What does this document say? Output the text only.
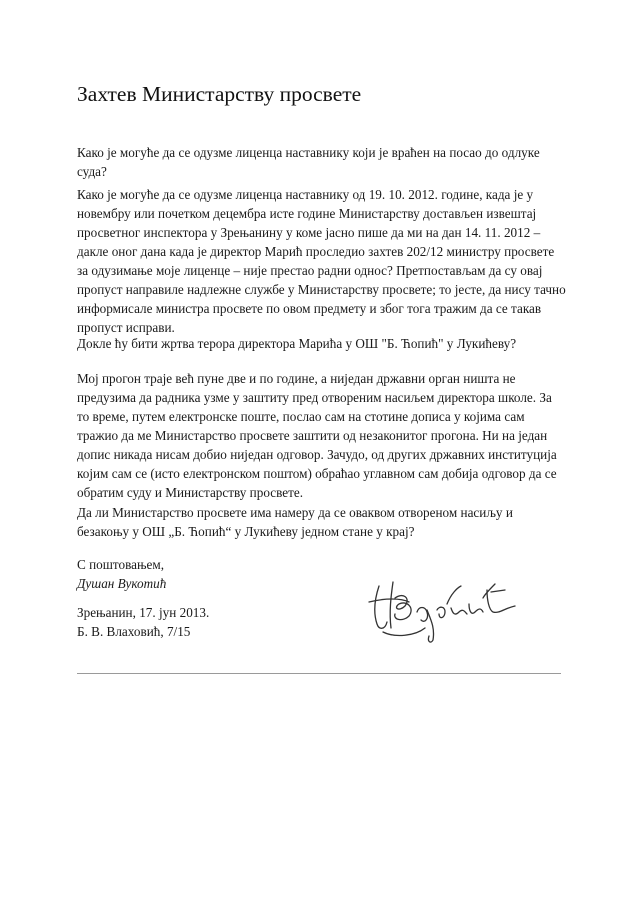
Захтев Министарству просвете

Како је могуће да се одузме лиценца наставнику који је враћен на посао до одлуке суда?

Како је могуће да се одузме лиценца наставнику од 19. 10. 2012. године, када је у новембру или почетком децембра исте године Министарству достављен извештај просветног инспектора у Зрењанину у коме јасно пише да ми на дан 14. 11. 2012 – дакле оног дана када је директор Марић проследио захтев 202/12 министру просвете за одузимање моје лиценце – није престао радни однос? Претпостављам да су овај пропуст направиле надлежне службе у Министарству просвете; то јесте, да нису тачно информисале министра просвете по овом предмету и због тога тражим да се такав пропуст исправи.

Докле ћу бити жртва терора директора Марића у ОШ "Б. Ћопић" у Лукићеву?

Мој прогон траје већ пуне две и по године, а ниједан државни орган ништа не предузима да радника узме у заштиту пред отвореним насиљем директора школе. За то време, путем електронске поште, послао сам на стотине дописа у којима сам тражио да ме Министарство просвете заштити од незаконитог прогона. Ни на један допис никада нисам добио ниједан одговор. Зачудо, од других државних институција којим сам се (исто електронском поштом) обраћао углавном сам добија одговор да се обратим суду и Министарству просвете.

Да ли Министарство просвете има намеру да се оваквом отвореном насиљу и безакоњу у ОШ „Б. Ћопић“ у Лукићеву једном стане у крај?

С поштовањем,

Душан Вукотић

Зрењанин, 17. јун 2013.

Б. В. Влаховић, 7/15
